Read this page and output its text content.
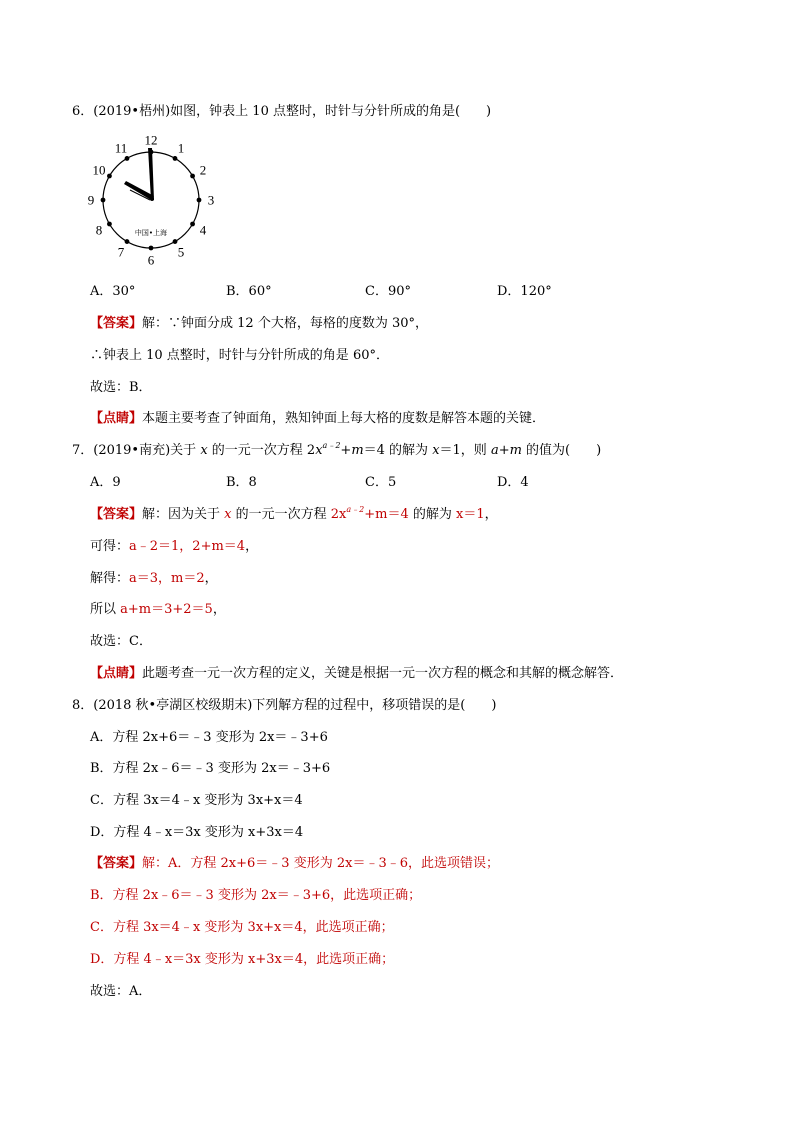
6．(2019•梧州)如图，钟表上 10 点整时，时针与分针所成的角是(　　)
12
1
2
3
4
5
6
7
8
9
10
11
中国•上海
A．30°	B．60°	C．90°	D．120°
【答案】解：∵钟面分成 12 个大格，每格的度数为 30°，
∴钟表上 10 点整时，时针与分针所成的角是 60°．
故选：B．
【点睛】本题主要考查了钟面角，熟知钟面上每大格的度数是解答本题的关键．
7．(2019•南充)关于 x 的一元一次方程 $2x^{a﹣2}+m=4$ 的解为 x＝1，则 a+m 的值为(　　)
A．9	B．8	C．5	D．4
【答案】解：因为关于 x 的一元一次方程 $2x^{a﹣2}+m=4$ 的解为 x＝1，
可得：a﹣2＝1，2+m＝4，
解得：a＝3，m＝2，
所以 a+m＝3+2＝5，
故选：C．
【点睛】此题考查一元一次方程的定义，关键是根据一元一次方程的概念和其解的概念解答．
8．(2018 秋•亭湖区校级期末)下列解方程的过程中，移项错误的是(　　)
A．方程 2x+6＝﹣3 变形为 2x＝﹣3+6
B．方程 2x﹣6＝﹣3 变形为 2x＝﹣3+6
C．方程 3x＝4﹣x 变形为 3x+x＝4
D．方程 4﹣x＝3x 变形为 x+3x＝4
【答案】解：A．方程 2x+6＝﹣3 变形为 2x＝﹣3﹣6，此选项错误；
B．方程 2x﹣6＝﹣3 变形为 2x＝﹣3+6，此选项正确；
C．方程 3x＝4﹣x 变形为 3x+x＝4，此选项正确；
D．方程 4﹣x＝3x 变形为 x+3x＝4，此选项正确；
故选：A．
